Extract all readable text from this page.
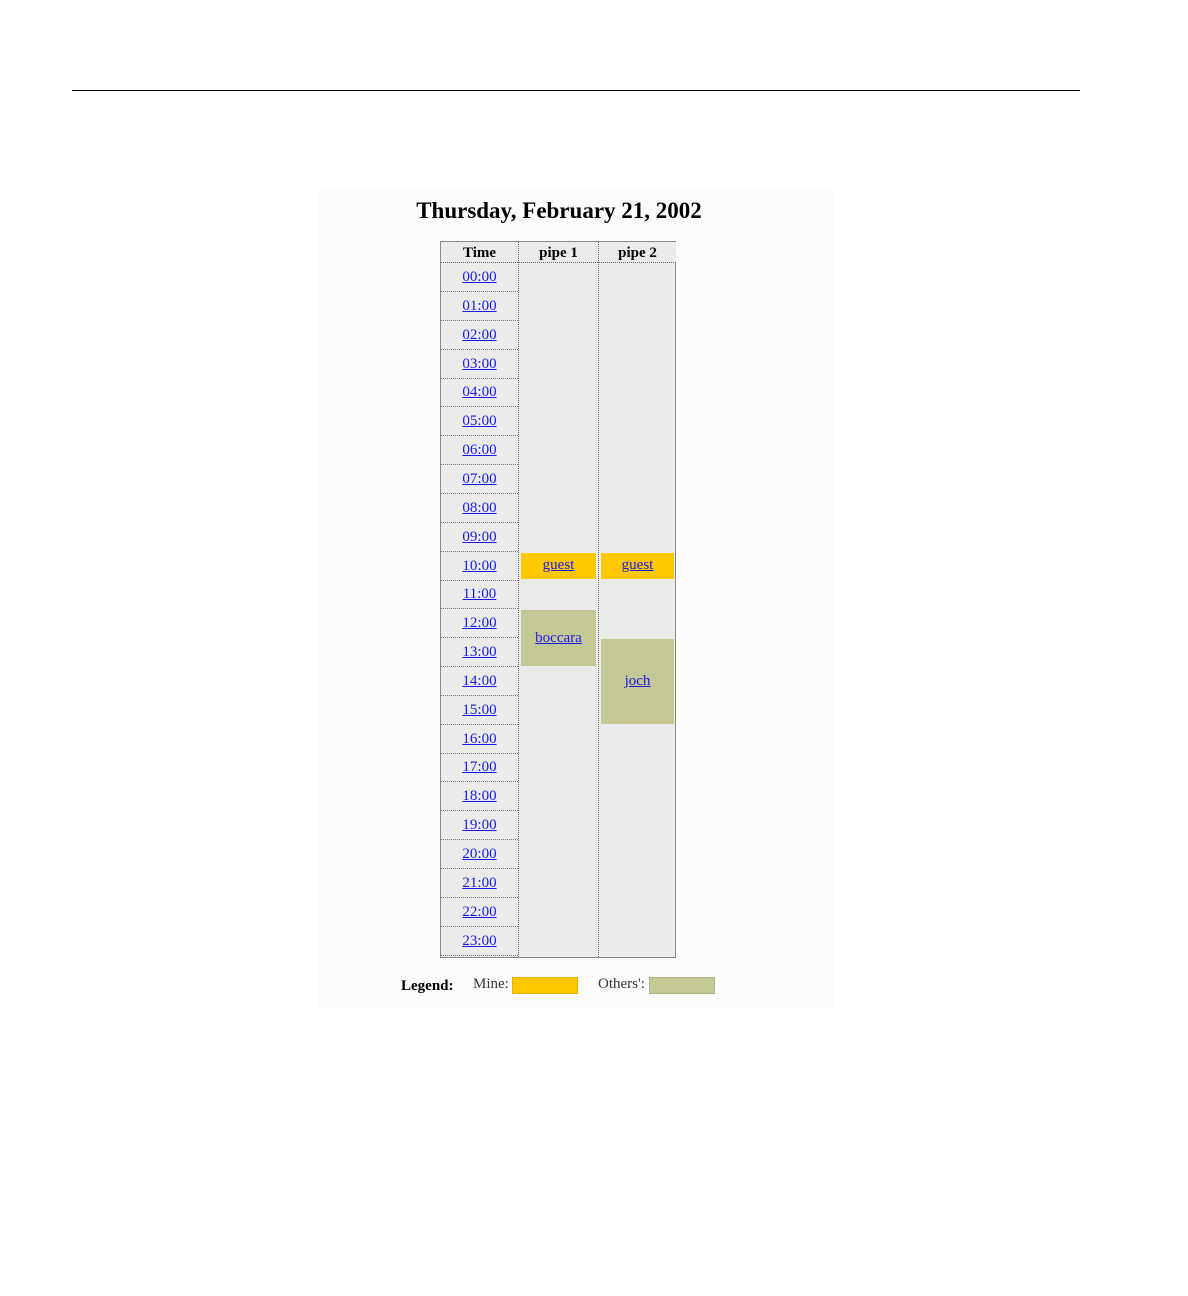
Thursday, February 21, 2002
Time
00:00
01:00
02:00
03:00
04:00
05:00
06:00
07:00
08:00
09:00
10:00
11:00
12:00
13:00
14:00
15:00
16:00
17:00
18:00
19:00
20:00
21:00
22:00
23:00
pipe 1
guest
boccara
pipe 2
guest
joch
Legend: Mine:	Others':
